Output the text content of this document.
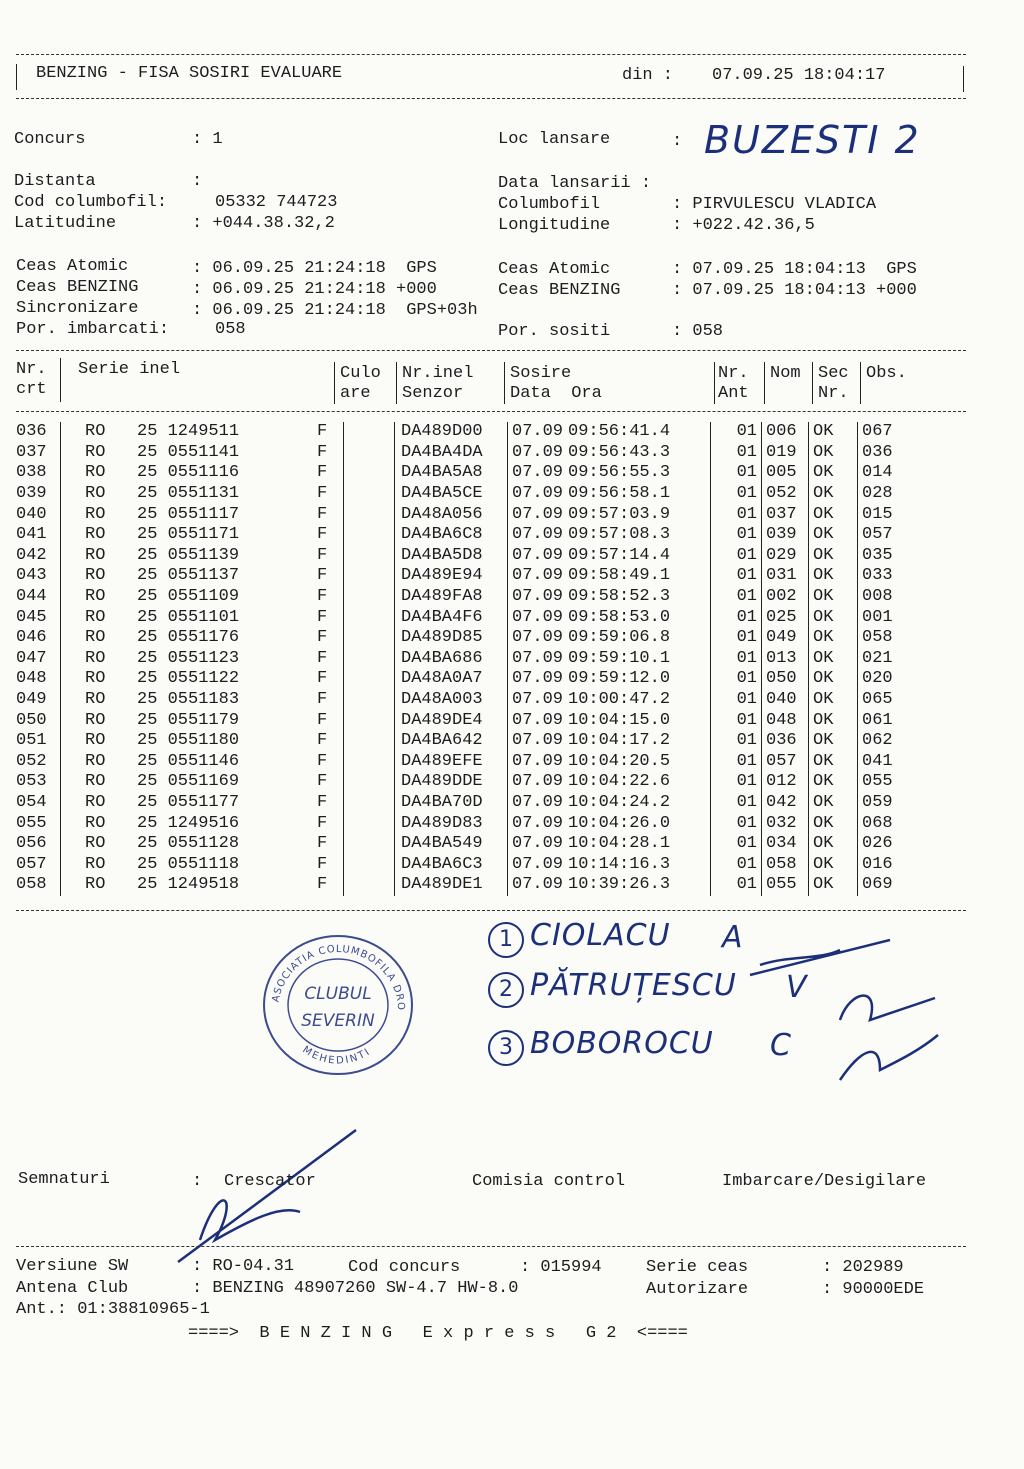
BENZING - FISA SOSIRI EVALUARE	din : 07.09.25 18:04:17
Concurs	: 1
Distanta	:
Cod columbofil:	05332 744723
Latitudine	: +044.38.32,2
Loc lansare	: BUZESTI 2
Data lansarii :
Columbofil	: PIRVULESCU VLADICA
Longitudine	: +022.42.36,5
Ceas Atomic	: 06.09.25 21:24:18  GPS
Ceas BENZING	: 06.09.25 21:24:18 +000
Sincronizare	: 06.09.25 21:24:18  GPS+03h
Por. imbarcati:	058
Ceas Atomic	: 07.09.25 18:04:13  GPS
Ceas BENZING	: 07.09.25 18:04:13 +000
Por. sositi	: 058
Nr.
crt
Serie inel	Culo
are
Nr.inel
Senzor
Sosire
Data  Ora
Nr.
Ant
Nom Sec
Nr.
Obs.
036		RO	25 1249511	F		DA489D00	07.09	09:56:41.4	01	006	OK	067
037		RO	25 0551141	F		DA4BA4DA	07.09	09:56:43.3	01	019	OK	036
038		RO	25 0551116	F		DA4BA5A8	07.09	09:56:55.3	01	005	OK	014
039		RO	25 0551131	F		DA4BA5CE	07.09	09:56:58.1	01	052	OK	028
040		RO	25 0551117	F		DA48A056	07.09	09:57:03.9	01	037	OK	015
041		RO	25 0551171	F		DA4BA6C8	07.09	09:57:08.3	01	039	OK	057
042		RO	25 0551139	F		DA4BA5D8	07.09	09:57:14.4	01	029	OK	035
043		RO	25 0551137	F		DA489E94	07.09	09:58:49.1	01	031	OK	033
044		RO	25 0551109	F		DA489FA8	07.09	09:58:52.3	01	002	OK	008
045		RO	25 0551101	F		DA4BA4F6	07.09	09:58:53.0	01	025	OK	001
046		RO	25 0551176	F		DA489D85	07.09	09:59:06.8	01	049	OK	058
047		RO	25 0551123	F		DA4BA686	07.09	09:59:10.1	01	013	OK	021
048		RO	25 0551122	F		DA48A0A7	07.09	09:59:12.0	01	050	OK	020
049		RO	25 0551183	F		DA48A003	07.09	10:00:47.2	01	040	OK	065
050		RO	25 0551179	F		DA489DE4	07.09	10:04:15.0	01	048	OK	061
051		RO	25 0551180	F		DA4BA642	07.09	10:04:17.2	01	036	OK	062
052		RO	25 0551146	F		DA489EFE	07.09	10:04:20.5	01	057	OK	041
053		RO	25 0551169	F		DA489DDE	07.09	10:04:22.6	01	012	OK	055
054		RO	25 0551177	F		DA4BA70D	07.09	10:04:24.2	01	042	OK	059
055		RO	25 1249516	F		DA489D83	07.09	10:04:26.0	01	032	OK	068
056		RO	25 0551128	F		DA4BA549	07.09	10:04:28.1	01	034	OK	026
057		RO	25 0551118	F		DA4BA6C3	07.09	10:14:16.3	01	058	OK	016
058		RO	25 1249518	F		DA489DE1	07.09	10:39:26.3	01	055	OK	069
ASOCIATIA COLUMBOFILA DRO
CLUBUL
SEVERIN
MEHEDINTI
1 CIOLACU A
2 PĂTRUȚESCU V
3 BOBORОCU C
Semnaturi	: Crescator	Comisia control	Imbarcare/Desigilare
Versiune SW	: RO-04.31	Cod concurs	: 015994	Serie ceas	: 202989
Antena Club	: BENZING 48907260 SW-4.7 HW-8.0	Autorizare	: 90000EDE
Ant.: 01:38810965-1
====>  B E N Z I N G   E x p r e s s   G 2  <====
